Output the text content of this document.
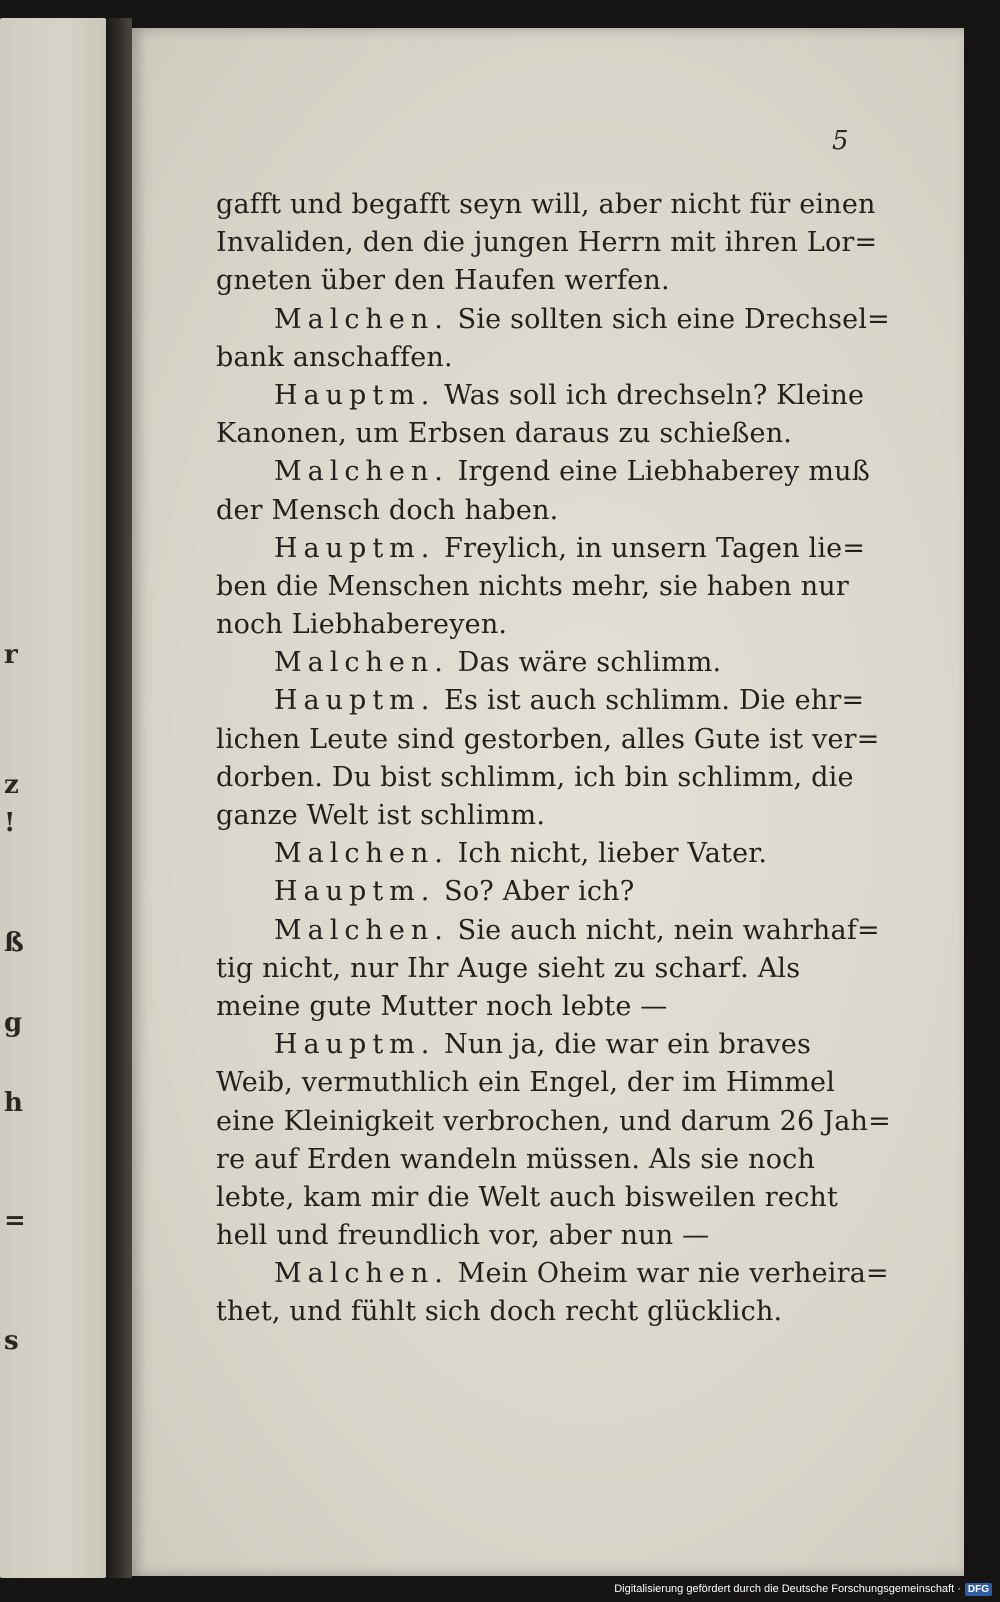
r
z
!
ß
g
h
=
s
5
gafft und begafft seyn will, aber nicht für einen
Invaliden, den die jungen Herrn mit ihren Lor=
gneten über den Haufen werfen.
Malchen. Sie sollten sich eine Drechsel=
bank anschaffen.
Hauptm. Was soll ich drechseln? Kleine
Kanonen, um Erbsen daraus zu schießen.
Malchen. Irgend eine Liebhaberey muß
der Mensch doch haben.
Hauptm. Freylich, in unsern Tagen lie=
ben die Menschen nichts mehr, sie haben nur
noch Liebhabereyen.
Malchen. Das wäre schlimm.
Hauptm. Es ist auch schlimm. Die ehr=
lichen Leute sind gestorben, alles Gute ist ver=
dorben. Du bist schlimm, ich bin schlimm, die
ganze Welt ist schlimm.
Malchen. Ich nicht, lieber Vater.
Hauptm. So? Aber ich?
Malchen. Sie auch nicht, nein wahrhaf=
tig nicht, nur Ihr Auge sieht zu scharf. Als
meine gute Mutter noch lebte —
Hauptm. Nun ja, die war ein braves
Weib, vermuthlich ein Engel, der im Himmel
eine Kleinigkeit verbrochen, und darum 26 Jah=
re auf Erden wandeln müssen. Als sie noch
lebte, kam mir die Welt auch bisweilen recht
hell und freundlich vor, aber nun —
Malchen. Mein Oheim war nie verheira=
thet, und fühlt sich doch recht glücklich.
Digitalisierung gefördert durch die Deutsche Forschungsgemeinschaft · DFG
